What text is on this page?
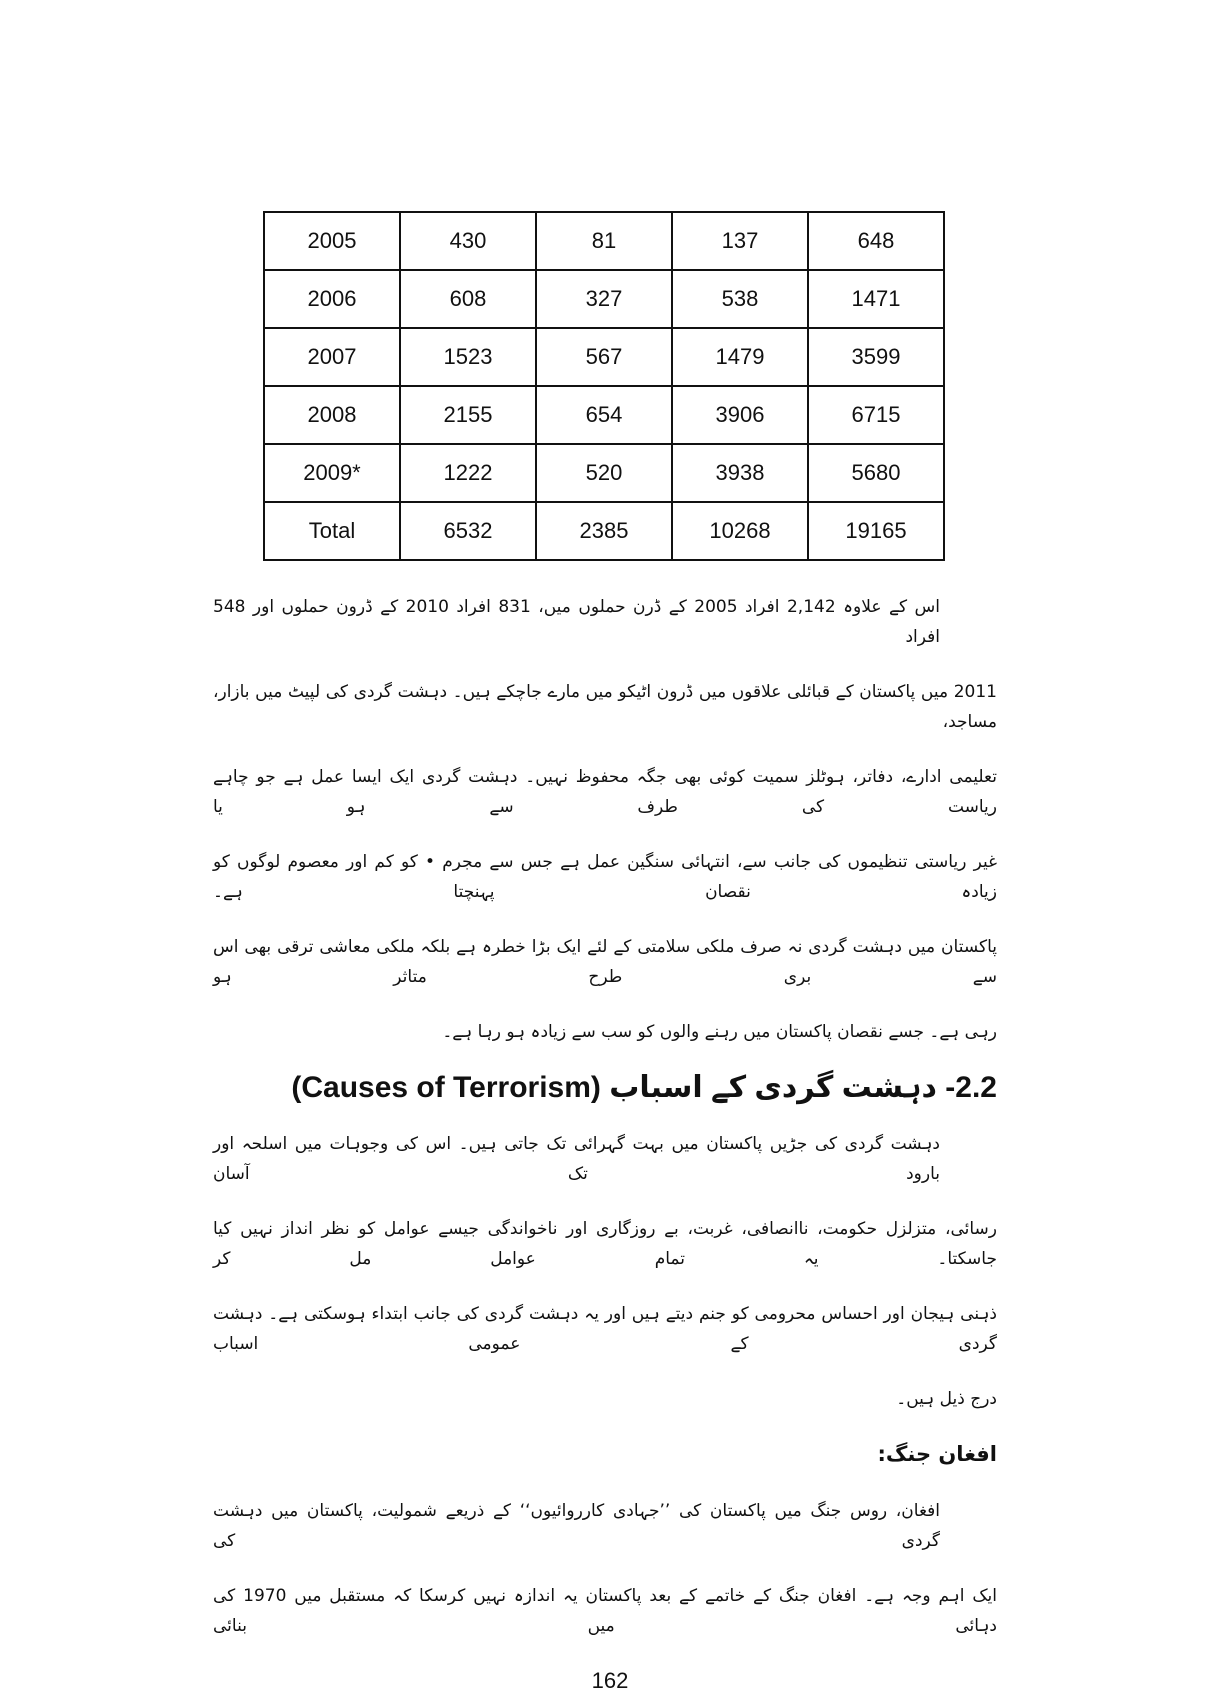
2005	430	81	137	648
2006	608	327	538	1471
2007	1523	567	1479	3599
2008	2155	654	3906	6715
2009*	1222	520	3938	5680
Total	6532	2385	10268	19165
اس کے علاوہ 2,142 افراد 2005 کے ڈرن حملوں میں، 831 افراد 2010 کے ڈرون حملوں اور 548 افراد
2011 میں پاکستان کے قبائلی علاقوں میں ڈرون اٹیکو میں مارے جاچکے ہیں۔ دہشت گردی کی لپیٹ میں بازار، مساجد،
تعلیمی ادارے، دفاتر، ہوٹلز سمیت کوئی بھی جگہ محفوظ نہیں۔ دہشت گردی ایک ایسا عمل ہے جو چاہے ریاست کی طرف سے ہو یا
غیر ریاستی تنظیموں کی جانب سے، انتہائی سنگین عمل ہے جس سے مجرم • کو کم اور معصوم لوگوں کو زیادہ نقصان پہنچتا ہے۔
پاکستان میں دہشت گردی نہ صرف ملکی سلامتی کے لئے ایک بڑا خطرہ ہے بلکہ ملکی معاشی ترقی بھی اس سے بری طرح متاثر ہو
رہی ہے۔ جسے نقصان پاکستان میں رہنے والوں کو سب سے زیادہ ہو رہا ہے۔
2.2- دہشت گردی کے اسباب (Causes of Terrorism)
دہشت گردی کی جڑیں پاکستان میں بہت گہرائی تک جاتی ہیں۔ اس کی وجوہات میں اسلحہ اور بارود تک آسان
رسائی، متزلزل حکومت، ناانصافی، غربت، بے روزگاری اور ناخواندگی جیسے عوامل کو نظر انداز نہیں کیا جاسکتا۔ یہ تمام عوامل مل کر
ذہنی ہیجان اور احساس محرومی کو جنم دیتے ہیں اور یہ دہشت گردی کی جانب ابتداء ہوسکتی ہے۔ دہشت گردی کے عمومی اسباب
درج ذیل ہیں۔
افغان جنگ:
افغان، روس جنگ میں پاکستان کی ’’جہادی کارروائیوں‘‘ کے ذریعے شمولیت، پاکستان میں دہشت گردی کی
ایک اہم وجہ ہے۔ افغان جنگ کے خاتمے کے بعد پاکستان یہ اندازہ نہیں کرسکا کہ مستقبل میں 1970 کی دہائی میں بنائی
162
